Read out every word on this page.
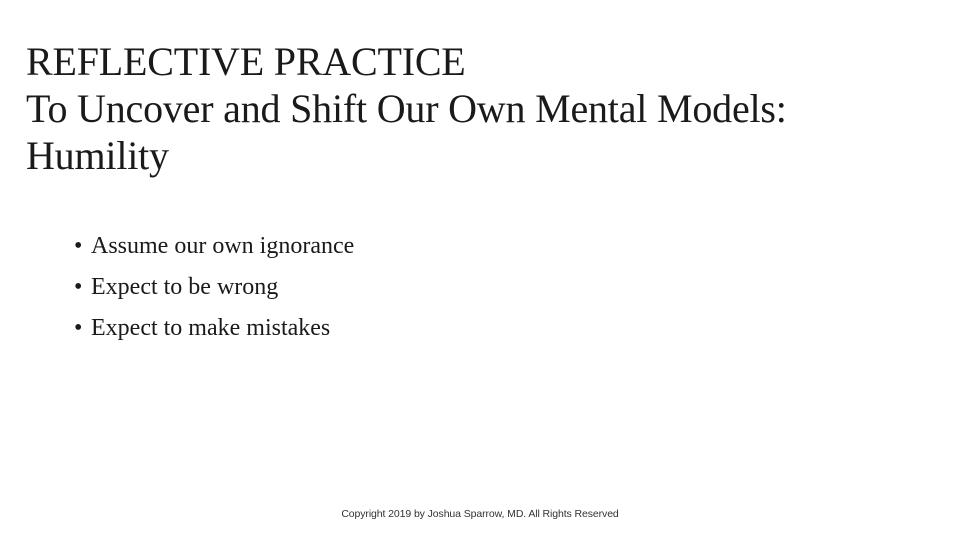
REFLECTIVE PRACTICE
To Uncover and Shift Our Own Mental Models:
Humility
• Assume our own ignorance
• Expect to be wrong
• Expect to make mistakes
Copyright 2019 by Joshua Sparrow, MD. All Rights Reserved
